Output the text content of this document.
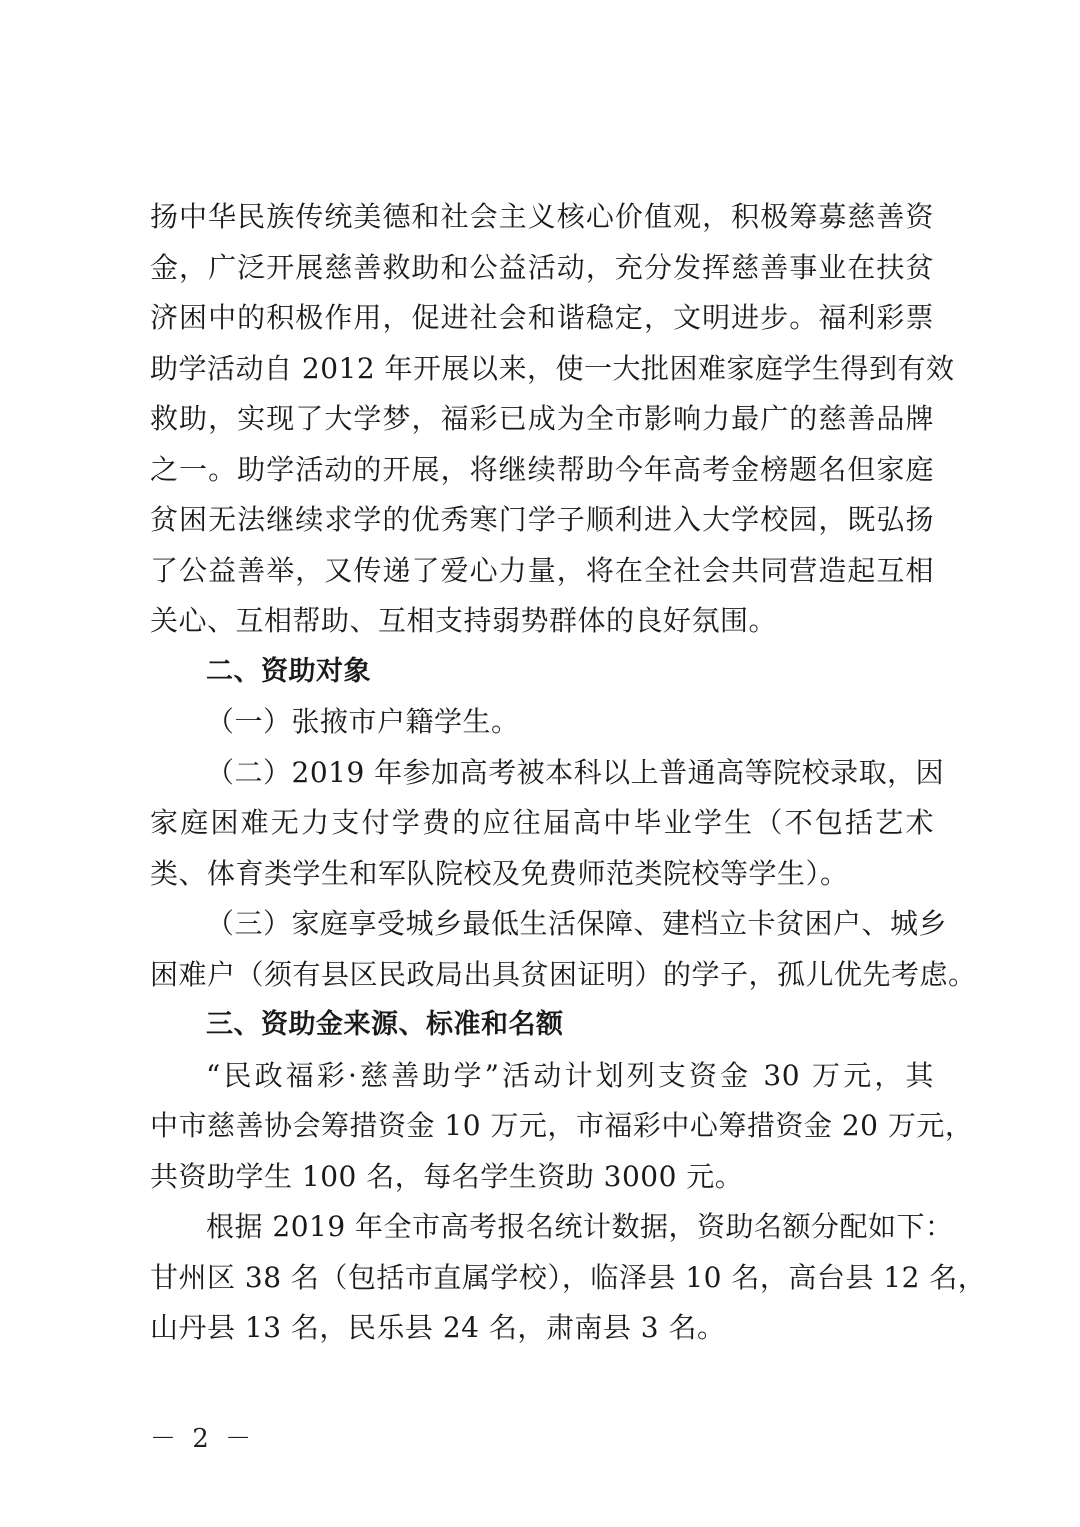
扬中华民族传统美德和社会主义核心价值观，积极筹募慈善资
金，广泛开展慈善救助和公益活动，充分发挥慈善事业在扶贫
济困中的积极作用，促进社会和谐稳定，文明进步。福利彩票
助学活动自 2012 年开展以来，使一大批困难家庭学生得到有效
救助，实现了大学梦，福彩已成为全市影响力最广的慈善品牌
之一。助学活动的开展，将继续帮助今年高考金榜题名但家庭
贫困无法继续求学的优秀寒门学子顺利进入大学校园，既弘扬
了公益善举，又传递了爱心力量，将在全社会共同营造起互相
关心、互相帮助、互相支持弱势群体的良好氛围。
二、资助对象
（一）张掖市户籍学生。
（二）2019 年参加高考被本科以上普通高等院校录取，因
家庭困难无力支付学费的应往届高中毕业学生（不包括艺术
类、体育类学生和军队院校及免费师范类院校等学生）。
（三）家庭享受城乡最低生活保障、建档立卡贫困户、城乡
困难户（须有县区民政局出具贫困证明）的学子，孤儿优先考虑。
三、资助金来源、标准和名额
“民政福彩·慈善助学”活动计划列支资金 30 万元，其
中市慈善协会筹措资金 10 万元，市福彩中心筹措资金 20 万元，
共资助学生 100 名，每名学生资助 3000 元。
根据 2019 年全市高考报名统计数据，资助名额分配如下：
甘州区 38 名（包括市直属学校），临泽县 10 名，高台县 12 名，
山丹县 13 名，民乐县 24 名，肃南县 3 名。
－ 2 －
